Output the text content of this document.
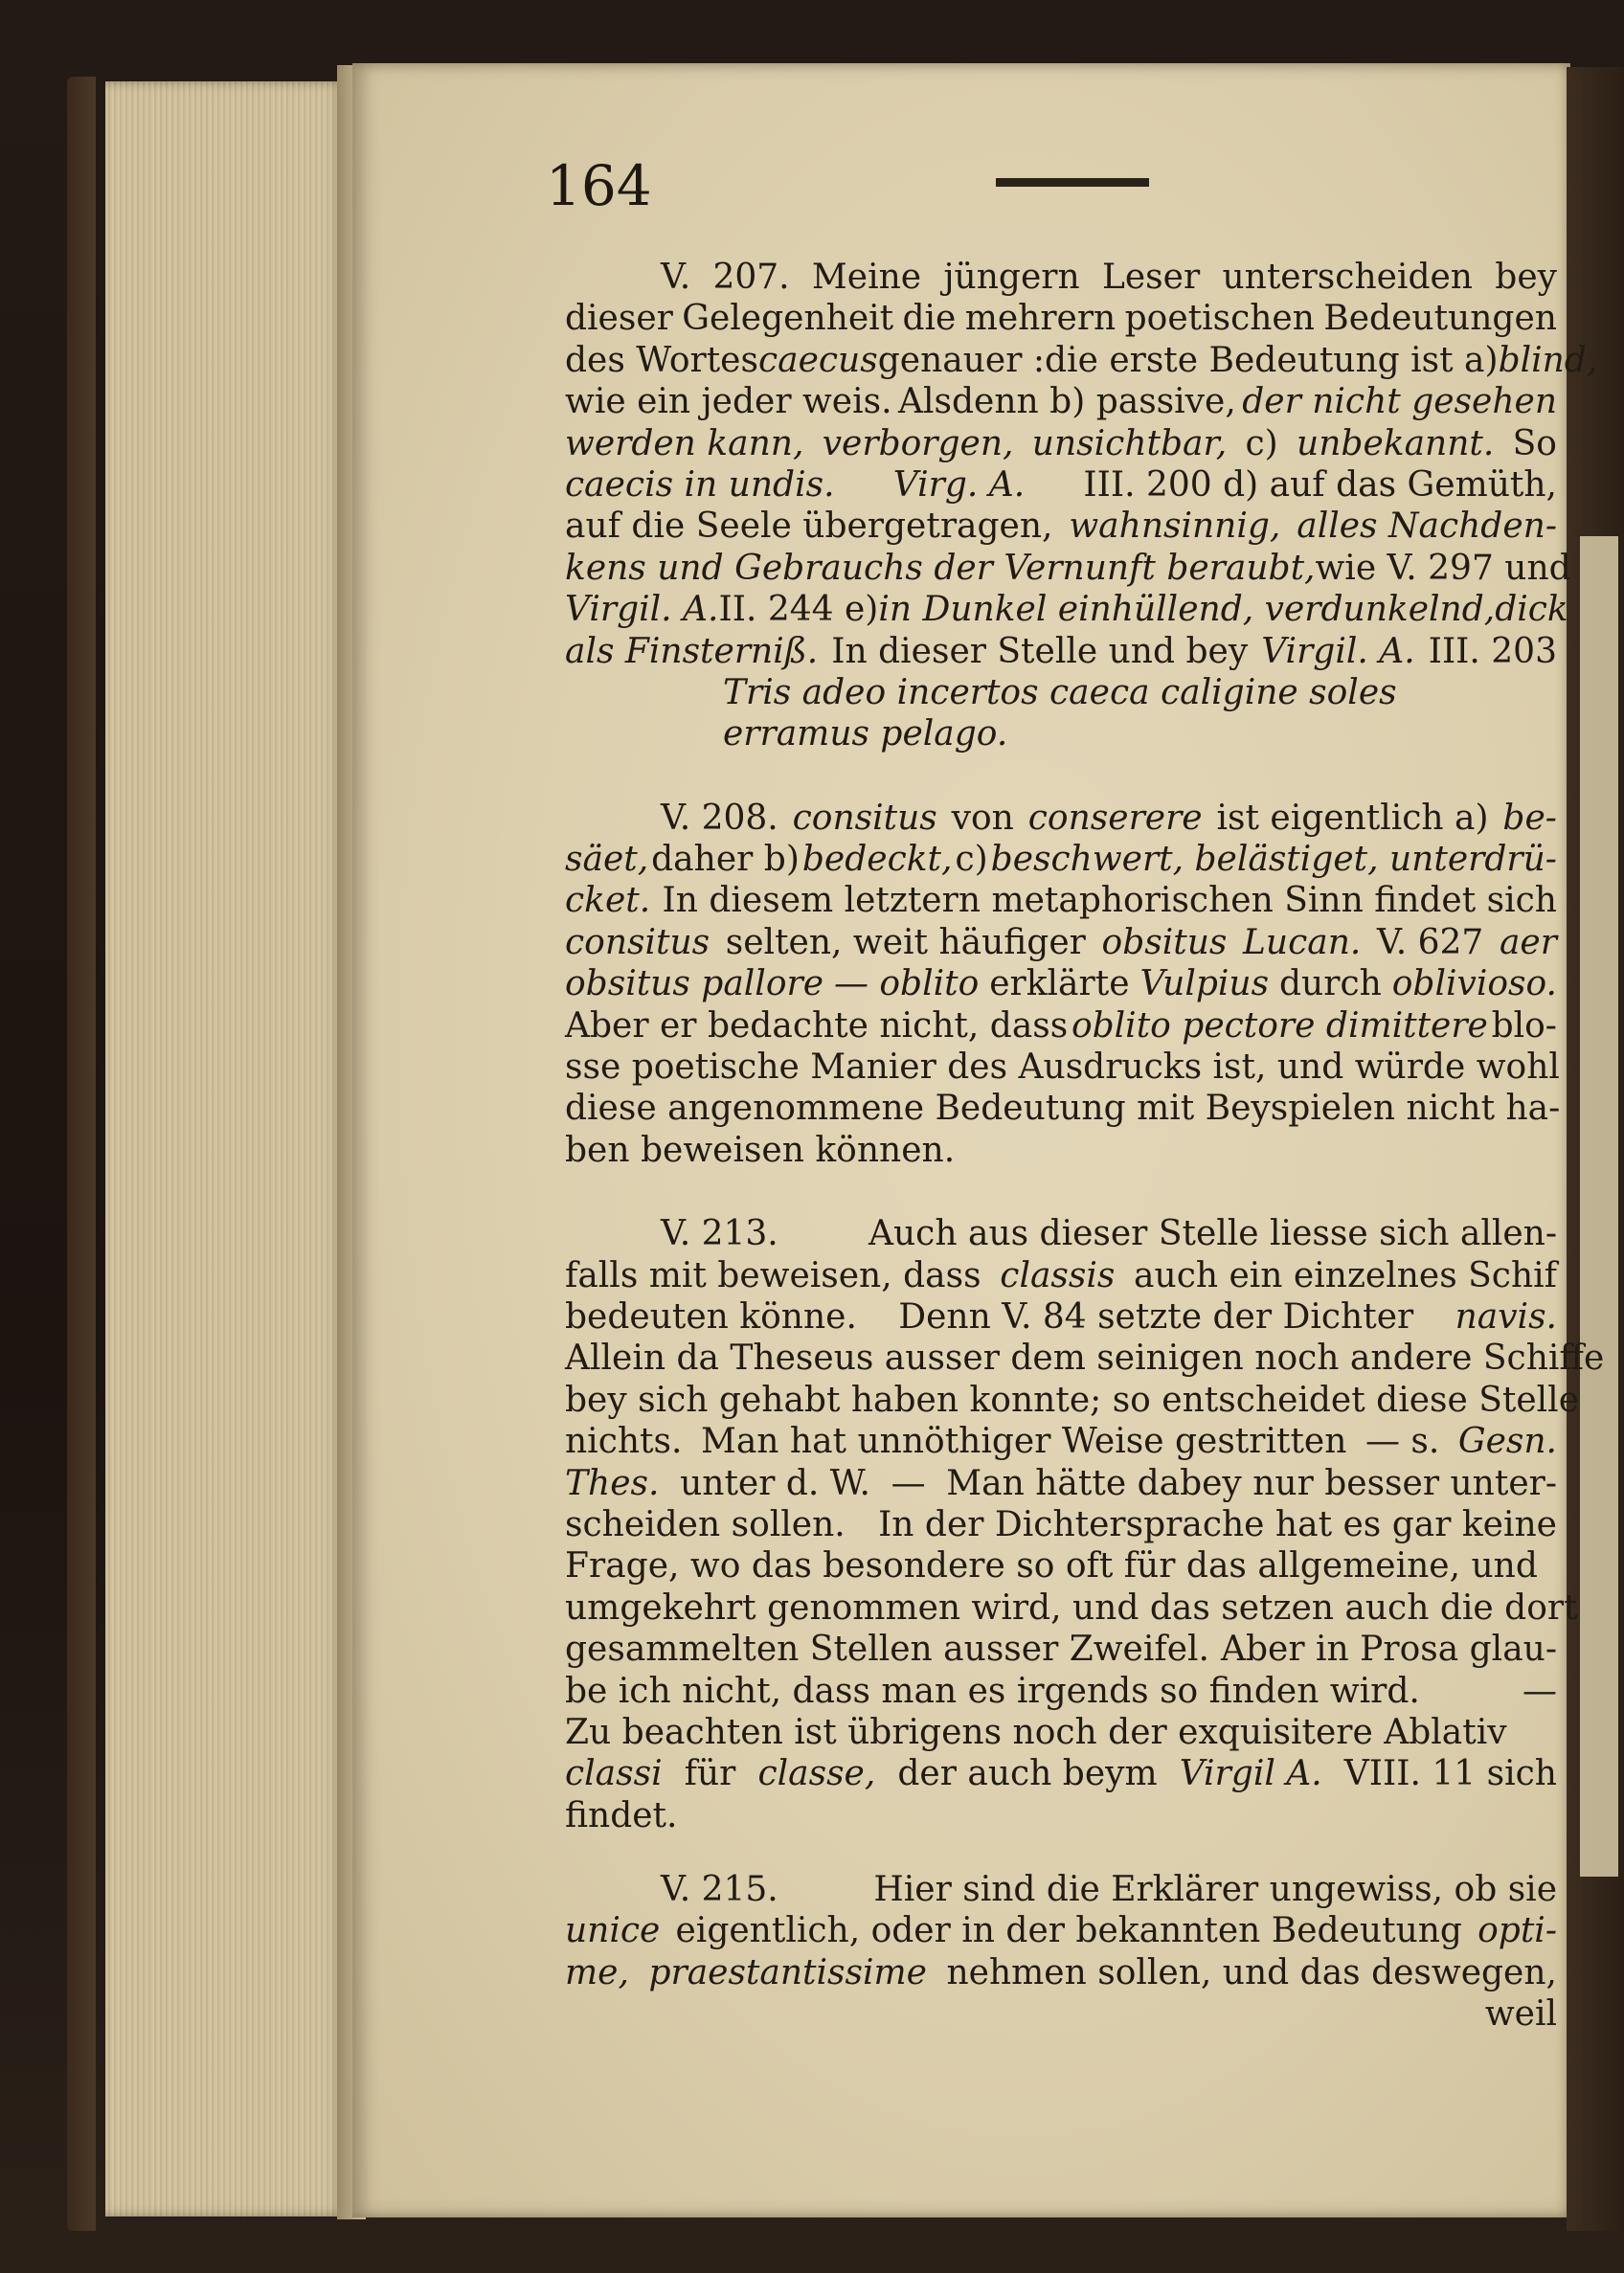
164
V. 207. Meine jüngern Leser unterscheiden bey
dieser Gelegenheit die mehrern poetischen Bedeutungen
des Wortes caecus genauer : die erste Bedeutung ist a) blind,
wie ein jeder weis. Alsdenn b) passive, der nicht gesehen
werden kann, verborgen, unsichtbar, c) unbekannt. So
caecis in undis. Virg. A. III. 200 d) auf das Gemüth,
auf die Seele übergetragen, wahnsinnig, alles Nachden-
kens und Gebrauchs der Vernunft beraubt, wie V. 297 und
Virgil. A. II. 244 e) in Dunkel einhüllend, verdunkelnd, dick
als Finsterniß. In dieser Stelle und bey Virgil. A. III. 203
Tris adeo incertos caeca caligine soles
erramus pelago.
V. 208. consitus von conserere ist eigentlich a) be-
säet, daher b) bedeckt, c) beschwert, belästiget, unterdrü-
cket. In diesem letztern metaphorischen Sinn findet sich
consitus selten, weit häufiger obsitus Lucan. V. 627 aer
obsitus pallore — oblito erklärte Vulpius durch oblivioso.
Aber er bedachte nicht, dass oblito pectore dimittere blo-
sse poetische Manier des Ausdrucks ist, und würde wohl
diese angenommene Bedeutung mit Beyspielen nicht ha-
ben beweisen können.
V. 213.	Auch aus dieser Stelle liesse sich allen-
falls mit beweisen, dass classis auch ein einzelnes Schif
bedeuten könne. Denn V. 84 setzte der Dichter navis.
Allein da Theseus ausser dem seinigen noch andere Schiffe
bey sich gehabt haben konnte; so entscheidet diese Stelle
nichts. Man hat unnöthiger Weise gestritten — s. Gesn.
Thes. unter d. W. — Man hätte dabey nur besser unter-
scheiden sollen. In der Dichtersprache hat es gar keine
Frage, wo das besondere so oft für das allgemeine, und
umgekehrt genommen wird, und das setzen auch die dort
gesammelten Stellen ausser Zweifel. Aber in Prosa glau-
be ich nicht, dass man es irgends so finden wird.	—
Zu beachten ist übrigens noch der exquisitere Ablativ
classi für classe, der auch beym Virgil A. VIII. 11 sich
findet.
V. 215.	Hier sind die Erklärer ungewiss, ob sie
unice eigentlich, oder in der bekannten Bedeutung opti-
me, praestantissime nehmen sollen, und das deswegen,
weil
